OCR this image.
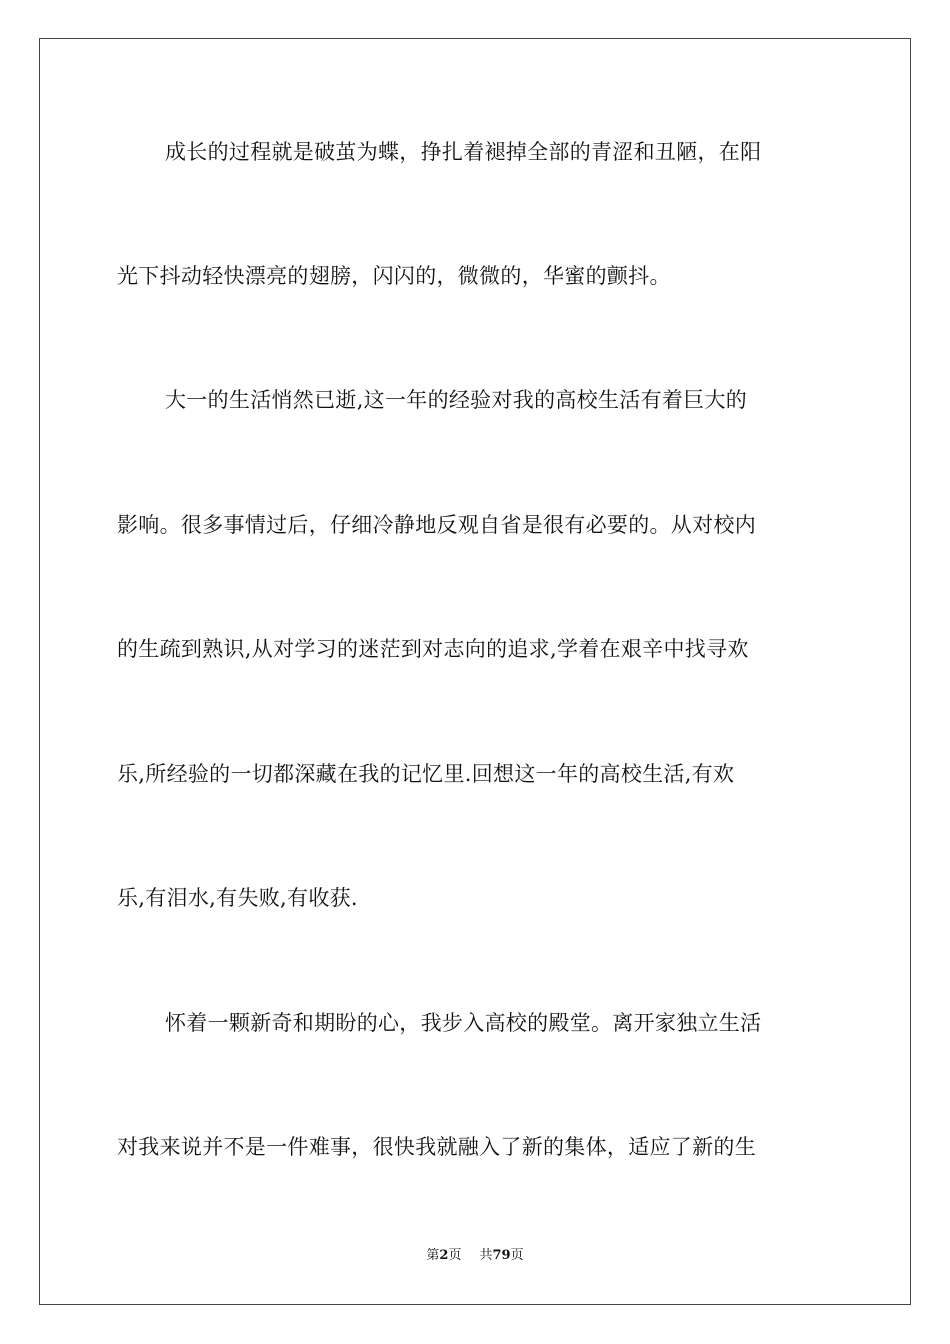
成长的过程就是破茧为蝶，挣扎着褪掉全部的青涩和丑陋，在阳
光下抖动轻快漂亮的翅膀，闪闪的，微微的，华蜜的颤抖。
大一的生活悄然已逝,这一年的经验对我的高校生活有着巨大的
影响。很多事情过后，仔细冷静地反观自省是很有必要的。从对校内
的生疏到熟识,从对学习的迷茫到对志向的追求,学着在艰辛中找寻欢
乐,所经验的一切都深藏在我的记忆里.回想这一年的高校生活,有欢
乐,有泪水,有失败,有收获.
怀着一颗新奇和期盼的心，我步入高校的殿堂。离开家独立生活
对我来说并不是一件难事，很快我就融入了新的集体，适应了新的生
第2页 共79页
